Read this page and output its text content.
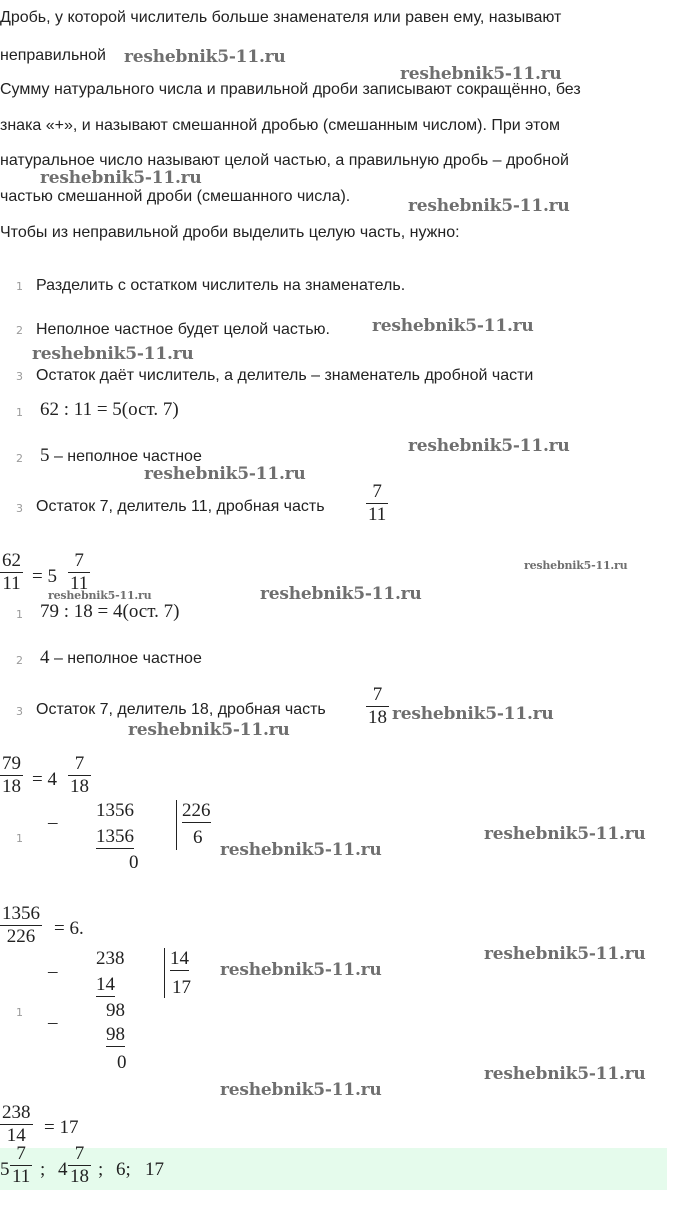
Дробь, у которой числитель больше знаменателя или равен ему, называют
неправильной
Сумму натурального числа и правильной дроби записывают сокращённо, без
знака «+», и называют смешанной дробью (смешанным числом). При этом
натуральное число называют целой частью, а правильную дробь – дробной
частью смешанной дроби (смешанного числа).
Чтобы из неправильной дроби выделить целую часть, нужно:
1 Разделить с остатком числитель на знаменатель.
2 Неполное частное будет целой частью.
3 Остаток даёт числитель, а делитель – знаменатель дробной части
1 62 : 11 = 5(ост. 7)
2 5 – неполное частное
3 Остаток 7, делитель 11, дробная часть $\frac{7}{11}$
$\frac{62}{11} = 5 \frac{7}{11}$
1 79 : 18 = 4(ост. 7)
2 4 – неполное частное
3 Остаток 7, делитель 18, дробная часть $\frac{7}{18}$
$\frac{79}{18} = 4 \frac{7}{18}$
1
–
1356
1356
0
226
6
$\frac{1356}{226} = 6$.
–
238
14
14
17
1 –
98
98
0
$\frac{238}{14} = 17$
$5 \frac{7}{11}$ ; $4 \frac{7}{18}$ ; 6; 17
reshebnik5-11.ru
reshebnik5-11.ru
reshebnik5-11.ru
reshebnik5-11.ru
reshebnik5-11.ru
reshebnik5-11.ru
reshebnik5-11.ru
reshebnik5-11.ru
reshebnik5-11.ru
reshebnik5-11.ru	reshebnik5-11.ru
reshebnik5-11.ru
reshebnik5-11.ru
reshebnik5-11.ru
reshebnik5-11.ru
reshebnik5-11.ru
reshebnik5-11.ru
reshebnik5-11.ru
reshebnik5-11.ru
